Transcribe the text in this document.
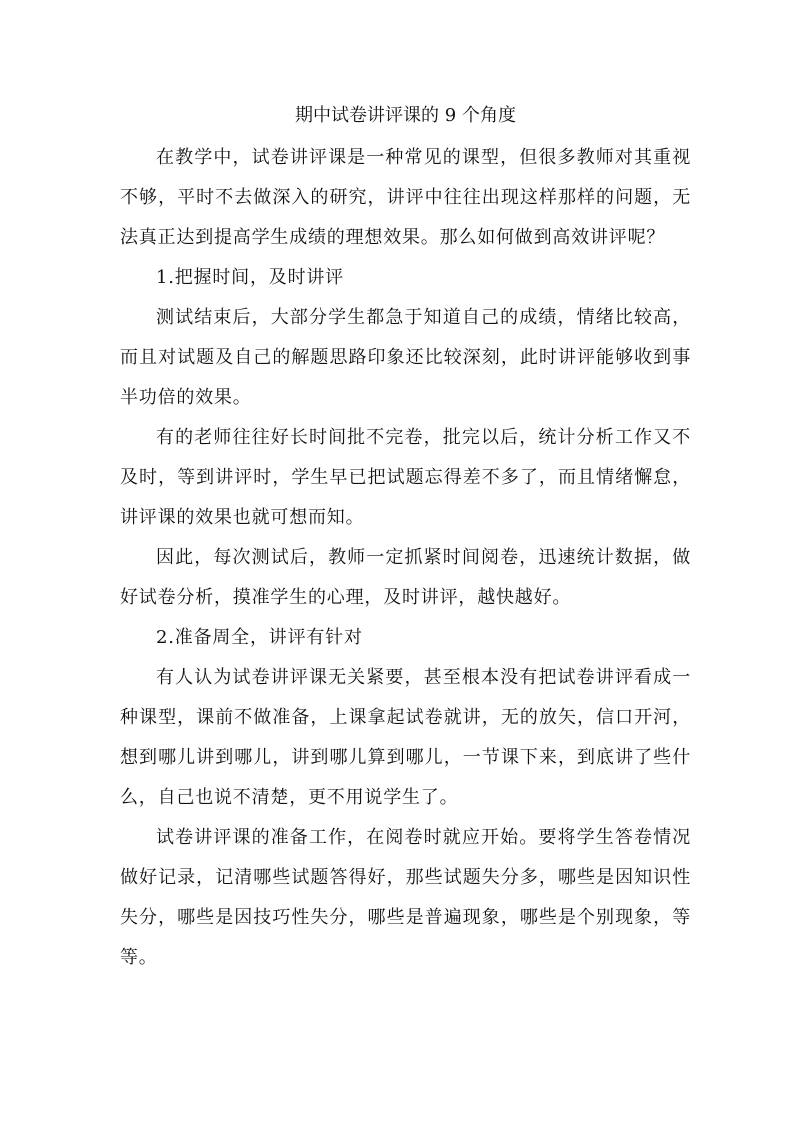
期中试卷讲评课的 9 个角度

在教学中，试卷讲评课是一种常见的课型，但很多教师对其重视不够，平时不去做深入的研究，讲评中往往出现这样那样的问题，无法真正达到提高学生成绩的理想效果。那么如何做到高效讲评呢？

1.把握时间，及时讲评

测试结束后，大部分学生都急于知道自己的成绩，情绪比较高，而且对试题及自己的解题思路印象还比较深刻，此时讲评能够收到事半功倍的效果。

有的老师往往好长时间批不完卷，批完以后，统计分析工作又不及时，等到讲评时，学生早已把试题忘得差不多了，而且情绪懈怠，讲评课的效果也就可想而知。

因此，每次测试后，教师一定抓紧时间阅卷，迅速统计数据，做好试卷分析，摸准学生的心理，及时讲评，越快越好。

2.准备周全，讲评有针对

有人认为试卷讲评课无关紧要，甚至根本没有把试卷讲评看成一种课型，课前不做准备，上课拿起试卷就讲，无的放矢，信口开河，想到哪儿讲到哪儿，讲到哪儿算到哪儿，一节课下来，到底讲了些什么，自己也说不清楚，更不用说学生了。

试卷讲评课的准备工作，在阅卷时就应开始。要将学生答卷情况做好记录，记清哪些试题答得好，那些试题失分多，哪些是因知识性失分，哪些是因技巧性失分，哪些是普遍现象，哪些是个别现象，等等。
